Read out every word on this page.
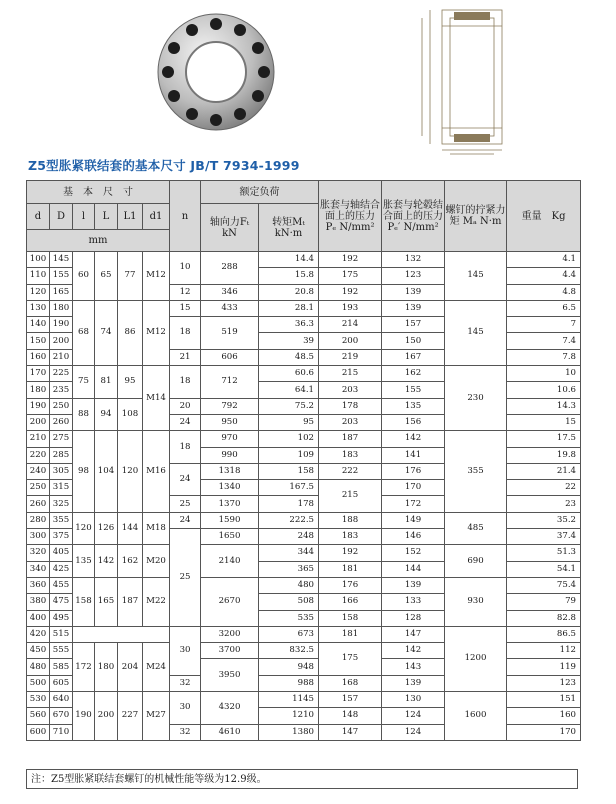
Z5型胀紧联结套的基本尺寸 JB/T 7934-1999
基　本　尺　寸						n	额定负荷		胀套与轴结合面上的压力 Pₑ N/mm²	胀套与轮毂结合面上的压力Pₑ′ N/mm²	螺钉的拧紧力矩 Mₐ N·m	重量　Kg
d	D	l	L	L1	d1		轴向力Fₜ kN	转矩Mₜ kN·m				
mm												
100	145	60	65	77	M12	10	288	14.4	192	132	145	4.1
110	155							15.8	175	123		4.4
120	165					12	346	20.8	192	139		4.8
130	180	68	74	86	M12	15	433	28.1	193	139	145	6.5
140	190					18	519	36.3	214	157		7
150	200							39	200	150		7.4
160	210					21	606	48.5	219	167		7.8
170	225	75	81	95	M14	18	712	60.6	215	162	230	10
180	235							64.1	203	155		10.6
190	250	88	94	108		20	792	75.2	178	135		14.3
200	260					24	950	95	203	156		15
210	275	98	104	120	M16	18	970	102	187	142	355	17.5
220	285						990	109	183	141		19.8
240	305					24	1318	158	222	176		21.4
250	315						1340	167.5	215	170		22
260	325					25	1370	178		172		23
280	355	120	126	144	M18	24	1590	222.5	188	149	485	35.2
300	375					25	1650	248	183	146		37.4
320	405	135	142	162	M20		2140	344	192	152	690	51.3
340	425							365	181	144		54.1
360	455	158	165	187	M22		2670	480	176	139	930	75.4
380	475							508	166	133		79
400	495							535	158	128		82.8
420	515					30	3200	673	181	147	1200	86.5
450	555	172	180	204	M24		3700	832.5	175	142		112
480	585						3950	948		143		119
500	605					32		988	168	139		123
530	640	190	200	227	M27	30	4320	1145	157	130	1600	151
560	670							1210	148	124		160
600	710					32	4610	1380	147	124		170
注：Z5型胀紧联结套螺钉的机械性能等级为12.9级。
